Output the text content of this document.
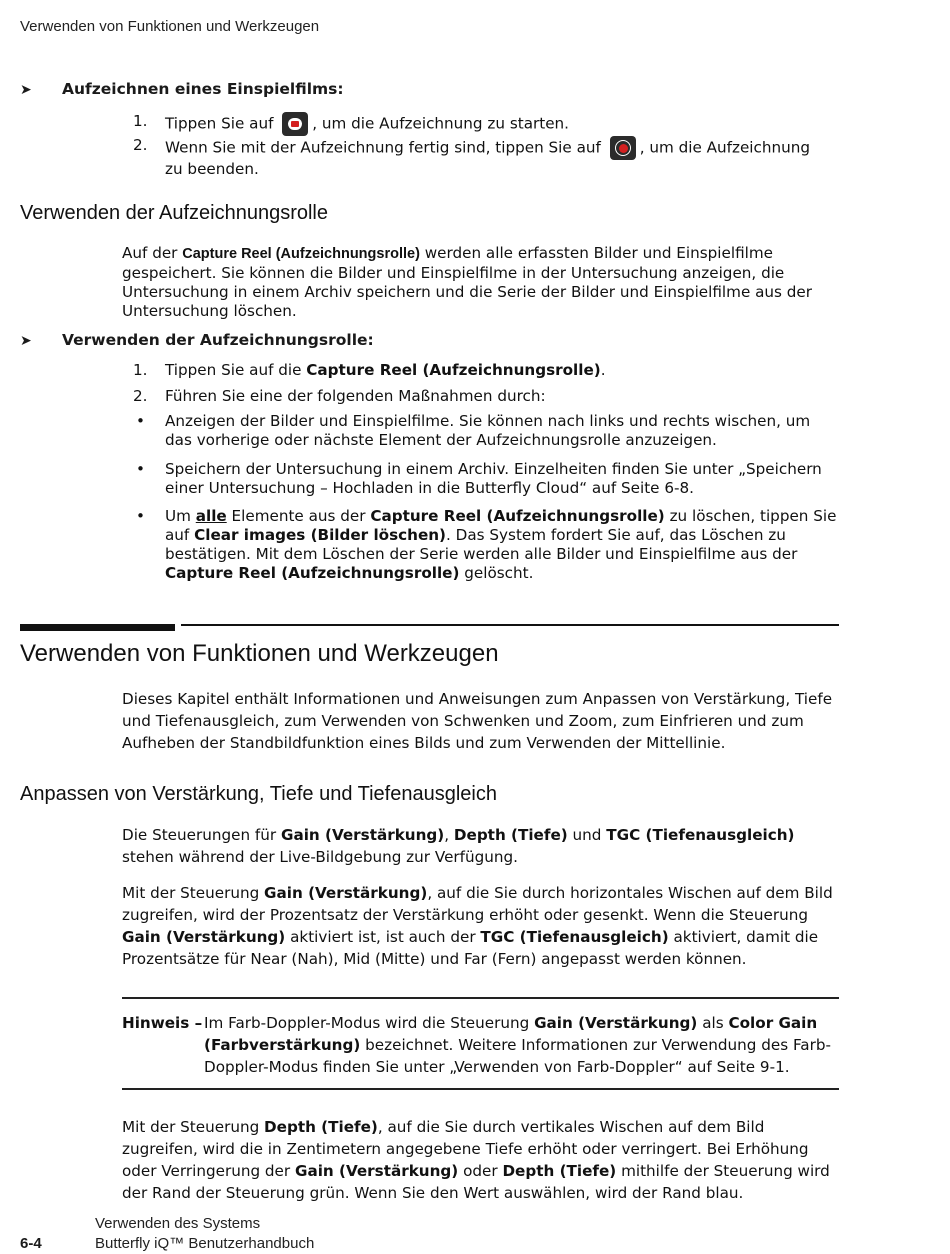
Verwenden von Funktionen und Werkzeugen
➤ Aufzeichnen eines Einspielfilms:
1.	Tippen Sie auf	, um die Aufzeichnung zu starten.
2.	Wenn Sie mit der Aufzeichnung fertig sind, tippen Sie auf	, um die Aufzeichnung
zu beenden.
Verwenden der Aufzeichnungsrolle
Auf der Capture Reel (Aufzeichnungsrolle) werden alle erfassten Bilder und Einspielfilme gespeichert. Sie können die Bilder und Einspielfilme in der Untersuchung anzeigen, die Untersuchung in einem Archiv speichern und die Serie der Bilder und Einspielfilme aus der Untersuchung löschen.
➤ Verwenden der Aufzeichnungsrolle:
1.	Tippen Sie auf die Capture Reel (Aufzeichnungsrolle).
2.	Führen Sie eine der folgenden Maßnahmen durch:
• Anzeigen der Bilder und Einspielfilme. Sie können nach links und rechts wischen, um das vorherige oder nächste Element der Aufzeichnungsrolle anzuzeigen.
• Speichern der Untersuchung in einem Archiv. Einzelheiten finden Sie unter „Speichern einer Untersuchung – Hochladen in die Butterfly Cloud“ auf Seite 6-8.
• Um alle Elemente aus der Capture Reel (Aufzeichnungsrolle) zu löschen, tippen Sie auf Clear images (Bilder löschen). Das System fordert Sie auf, das Löschen zu bestätigen. Mit dem Löschen der Serie werden alle Bilder und Einspielfilme aus der Capture Reel (Aufzeichnungsrolle) gelöscht.
Verwenden von Funktionen und Werkzeugen
Dieses Kapitel enthält Informationen und Anweisungen zum Anpassen von Verstärkung, Tiefe und Tiefenausgleich, zum Verwenden von Schwenken und Zoom, zum Einfrieren und zum Aufheben der Standbildfunktion eines Bilds und zum Verwenden der Mittellinie.
Anpassen von Verstärkung, Tiefe und Tiefenausgleich
Die Steuerungen für Gain (Verstärkung), Depth (Tiefe) und TGC (Tiefenausgleich) stehen während der Live-Bildgebung zur Verfügung.
Mit der Steuerung Gain (Verstärkung), auf die Sie durch horizontales Wischen auf dem Bild zugreifen, wird der Prozentsatz der Verstärkung erhöht oder gesenkt. Wenn die Steuerung Gain (Verstärkung) aktiviert ist, ist auch der TGC (Tiefenausgleich) aktiviert, damit die Prozentsätze für Near (Nah), Mid (Mitte) und Far (Fern) angepasst werden können.
Hinweis – Im Farb-Doppler-Modus wird die Steuerung Gain (Verstärkung) als Color Gain (Farbverstärkung) bezeichnet. Weitere Informationen zur Verwendung des Farb-Doppler-Modus finden Sie unter „Verwenden von Farb-Doppler“ auf Seite 9-1.
Mit der Steuerung Depth (Tiefe), auf die Sie durch vertikales Wischen auf dem Bild zugreifen, wird die in Zentimetern angegebene Tiefe erhöht oder verringert. Bei Erhöhung oder Verringerung der Gain (Verstärkung) oder Depth (Tiefe) mithilfe der Steuerung wird der Rand der Steuerung grün. Wenn Sie den Wert auswählen, wird der Rand blau.
Verwenden des Systems
6-4	Butterfly iQ™ Benutzerhandbuch
